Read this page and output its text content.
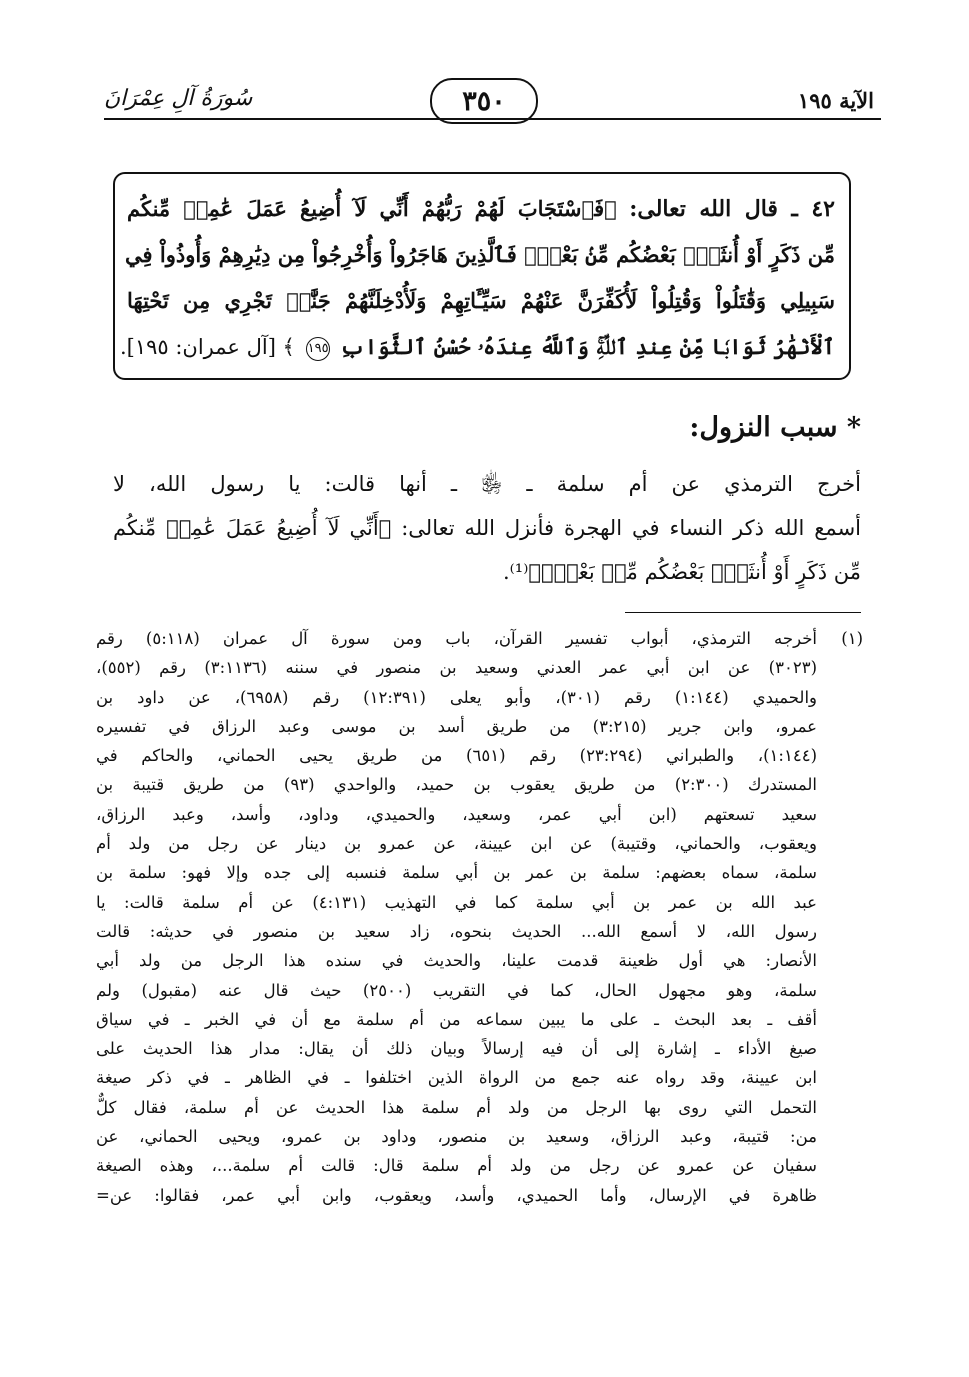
الآية ١٩٥
٣٥٠
سُورَةُ آلِ عِمْرَانَ
٤٢ ـ قال الله تعالى: ﴿فَٱسْتَجَابَ لَهُمْ رَبُّهُمْ أَنِّي لَآ أُضِيعُ عَمَلَ عَٰمِلٖ مِّنكُم
مِّن ذَكَرٍ أَوْ أُنثَىٰۖ بَعْضُكُم مِّنۢ بَعْضٖۖ فَٱلَّذِينَ هَاجَرُواْ وَأُخْرِجُواْ مِن دِيَٰرِهِمْ وَأُوذُواْ فِي
سَبِيلِي وَقَٰتَلُواْ وَقُتِلُواْ لَأُكَفِّرَنَّ عَنْهُمْ سَيِّـَٔاتِهِمْ وَلَأُدْخِلَنَّهُمْ جَنَّٰتٖ تَجْرِي مِن تَحْتِهَا
ٱلْأَنْهَٰرُ ثَوَابٗا مِّنْ عِندِ ٱللَّهِۚ وَٱللَّهُ عِندَهُۥ حُسْنُ ٱلثَّوَابِ ١٩٥ ﴾ [آل عمران: ١٩٥].
* سبب النزول:
أخرج الترمذي عن أم سلمة ـ ﵂ ـ أنها قالت: يا رسول الله، لا
أسمع الله ذكر النساء في الهجرة فأنزل الله تعالى: ﴿أَنِّي لَآ أُضِيعُ عَمَلَ عَٰمِلٖ مِّنكُم
مِّن ذَكَرٍ أَوْ أُنثَىٰۖ بَعْضُكُم مِّنۢ بَعْضٖۖ﴾⁽¹⁾.
(١)
أخرجه الترمذي، أبواب تفسير القرآن، باب ومن سورة آل عمران (٥:١١٨) رقم
(٣٠٢٣) عن ابن أبي عمر العدني وسعيد بن منصور في سننه (٣:١١٣٦) رقم (٥٥٢)،
والحميدي (١:١٤٤) رقم (٣٠١)، وأبو يعلى (١٢:٣٩١) رقم (٦٩٥٨)، عن داود بن
عمرو، وابن جرير (٣:٢١٥) من طريق أسد بن موسى وعبد الرزاق في تفسيره
(١:١٤٤)، والطبراني (٢٣:٢٩٤) رقم (٦٥١) من طريق يحيى الحماني، والحاكم في
المستدرك (٢:٣٠٠) من طريق يعقوب بن حميد، والواحدي (٩٣) من طريق قتيبة بن
سعيد تسعتهم (ابن أبي عمر، وسعيد، والحميدي، وداود، وأسد، وعبد الرزاق،
ويعقوب، والحماني، وقتيبة) عن ابن عيينة، عن عمرو بن دينار عن رجل من ولد أم
سلمة، سماه بعضهم: سلمة بن عمر بن أبي سلمة فنسبه إلى جده وإلا فهو: سلمة بن
عبد الله بن عمر بن أبي سلمة كما في التهذيب (٤:١٣١) عن أم سلمة قالت: يا
رسول الله، لا أسمع الله... الحديث بنحوه، زاد سعيد بن منصور في حديثه: قالت
الأنصار: هي أول ظعينة قدمت علينا، والحديث في سنده هذا الرجل من ولد أبي
سلمة، وهو مجهول الحال، كما في التقريب (٢٥٠٠) حيث قال عنه (مقبول) ولم
أقف ـ بعد البحث ـ على ما يبين سماعه من أم سلمة مع أن في الخبر ـ في سياق
صيغ الأداء ـ إشارة إلى أن فيه إرسالاً وبيان ذلك أن يقال: مدار هذا الحديث على
ابن عيينة، وقد رواه عنه جمع من الرواة الذين اختلفوا ـ في الظاهر ـ في ذكر صيغة
التحمل التي روى بها الرجل من ولد أم سلمة هذا الحديث عن أم سلمة، فقال كلٌّ
من: قتيبة، وعبد الرزاق، وسعيد بن منصور، وداود بن عمرو، ويحيى الحماني، عن
سفيان عن عمرو عن رجل من ولد أم سلمة قال: قالت أم سلمة...، وهذه الصيغة
ظاهرة في الإرسال، وأما الحميدي، وأسد، ويعقوب، وابن أبي عمر، فقالوا: عن=
